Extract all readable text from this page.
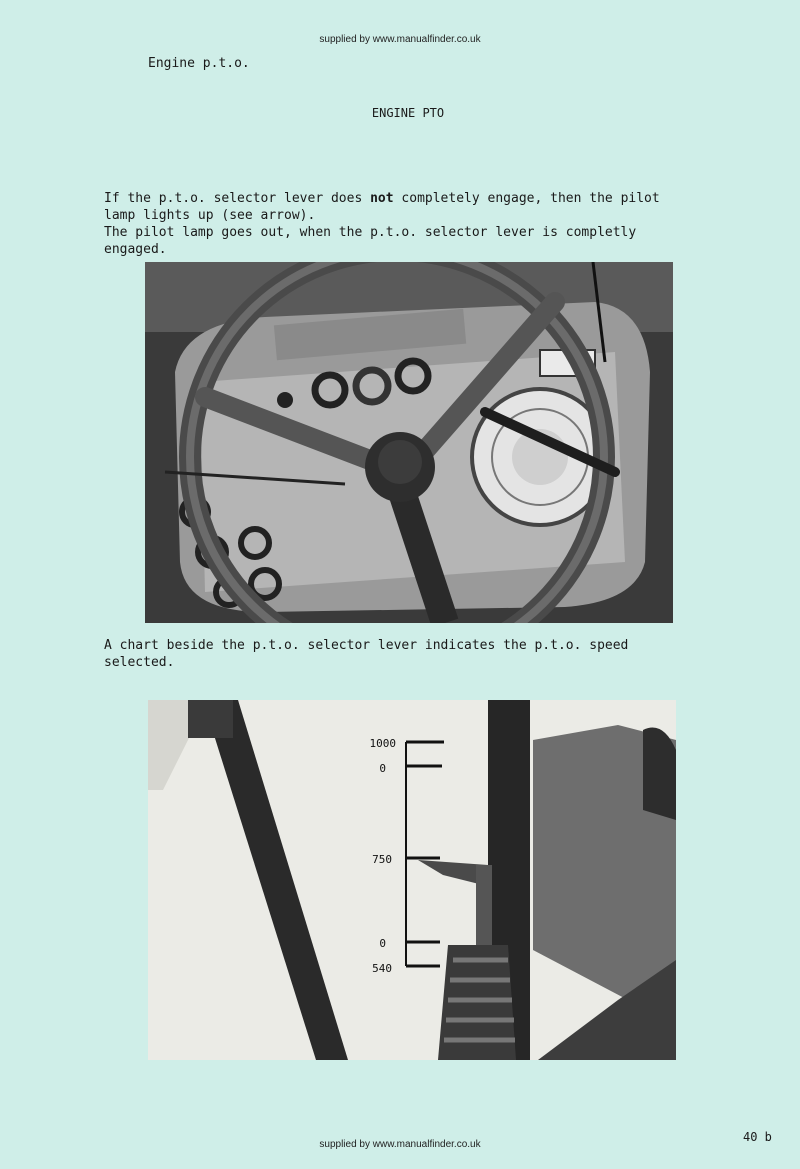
supplied by www.manualfinder.co.uk
Engine p.t.o.
ENGINE PTO
If the p.t.o. selector lever does not completely engage, then the pilot
lamp lights up (see arrow).
The pilot lamp goes out, when the p.t.o. selector lever is completly
engaged.
A chart beside the p.t.o. selector lever indicates the p.t.o. speed
selected.
1000
0
750
0
540
supplied by www.manualfinder.co.uk
40 b
